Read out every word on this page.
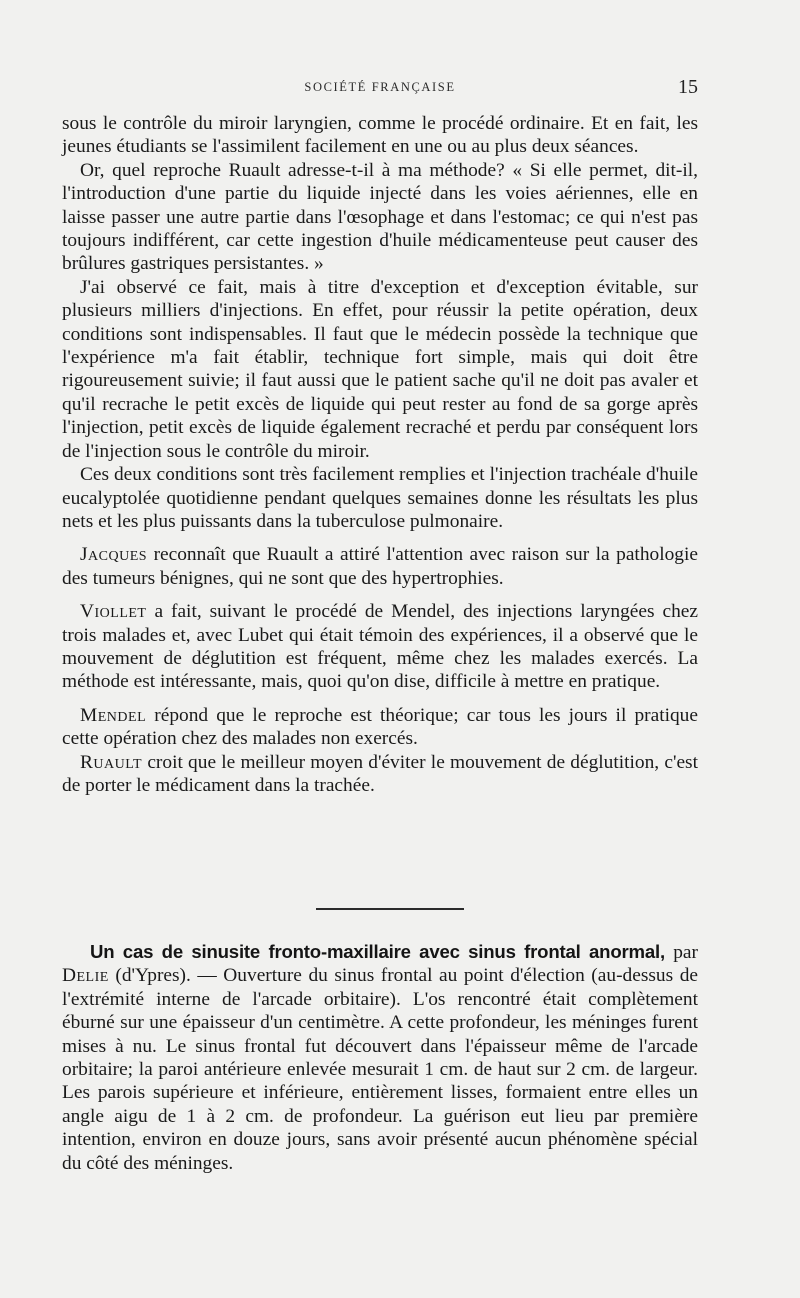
SOCIÉTÉ FRANÇAISE	15

sous le contrôle du miroir laryngien, comme le procédé ordinaire. Et en fait, les jeunes étudiants se l'assimilent facilement en une ou au plus deux séances.

Or, quel reproche Ruault adresse-t-il à ma méthode? « Si elle permet, dit-il, l'introduction d'une partie du liquide injecté dans les voies aériennes, elle en laisse passer une autre partie dans l'œsophage et dans l'estomac; ce qui n'est pas toujours indifférent, car cette ingestion d'huile médicamenteuse peut causer des brûlures gastriques persistantes. »

J'ai observé ce fait, mais à titre d'exception et d'exception évitable, sur plusieurs milliers d'injections. En effet, pour réussir la petite opération, deux conditions sont indispensables. Il faut que le médecin possède la technique que l'expérience m'a fait établir, technique fort simple, mais qui doit être rigoureusement suivie; il faut aussi que le patient sache qu'il ne doit pas avaler et qu'il recrache le petit excès de liquide qui peut rester au fond de sa gorge après l'injection, petit excès de liquide également recraché et perdu par conséquent lors de l'injection sous le contrôle du miroir.

Ces deux conditions sont très facilement remplies et l'injection trachéale d'huile eucalyptolée quotidienne pendant quelques semaines donne les résultats les plus nets et les plus puissants dans la tuberculose pulmonaire.

Jacques reconnaît que Ruault a attiré l'attention avec raison sur la pathologie des tumeurs bénignes, qui ne sont que des hypertrophies.

Viollet a fait, suivant le procédé de Mendel, des injections laryngées chez trois malades et, avec Lubet qui était témoin des expériences, il a observé que le mouvement de déglutition est fréquent, même chez les malades exercés. La méthode est intéressante, mais, quoi qu'on dise, difficile à mettre en pratique.

Mendel répond que le reproche est théorique; car tous les jours il pratique cette opération chez des malades non exercés.

Ruault croit que le meilleur moyen d'éviter le mouvement de déglutition, c'est de porter le médicament dans la trachée.

Un cas de sinusite fronto-maxillaire avec sinus frontal anormal, par Delie (d'Ypres). — Ouverture du sinus frontal au point d'élection (au-dessus de l'extrémité interne de l'arcade orbitaire). L'os rencontré était complètement éburné sur une épaisseur d'un centimètre. A cette profondeur, les méninges furent mises à nu. Le sinus frontal fut découvert dans l'épaisseur même de l'arcade orbitaire; la paroi antérieure enlevée mesurait 1 cm. de haut sur 2 cm. de largeur. Les parois supérieure et inférieure, entièrement lisses, formaient entre elles un angle aigu de 1 à 2 cm. de profondeur. La guérison eut lieu par première intention, environ en douze jours, sans avoir présenté aucun phénomène spécial du côté des méninges.
